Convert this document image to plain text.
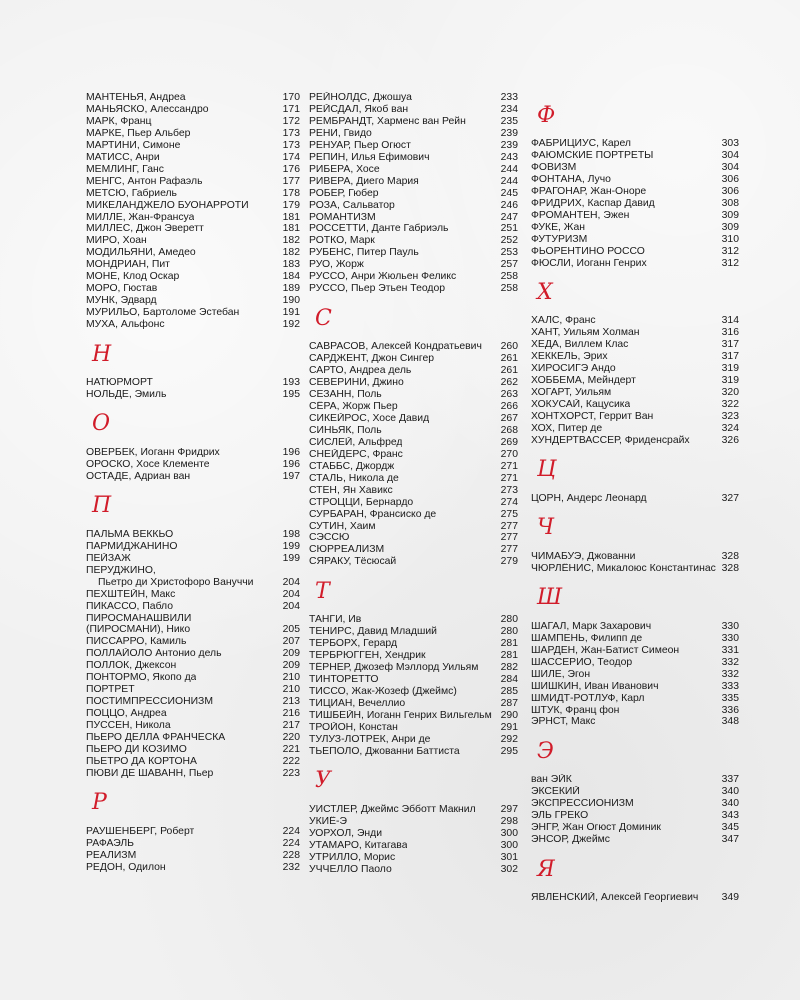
МАНТЕНЬЯ, Андреа	170
МАНЬЯСКО, Алессандро	171
МАРК, Франц	172
МАРКЕ, Пьер Альбер	173
МАРТИНИ, Симоне	173
МАТИСС, Анри	174
МЕМЛИНГ, Ганс	176
МЕНГС, Антон Рафаэль	177
МЕТСЮ, Габриель	178
МИКЕЛАНДЖЕЛО БУОНАРРОТИ	179
МИЛЛЕ, Жан-Франсуа	181
МИЛЛЕС, Джон Эверетт	181
МИРО, Хоан	182
МОДИЛЬЯНИ, Амедео	182
МОНДРИАН, Пит	183
МОНЕ, Клод Оскар	184
МОРО, Гюстав	189
МУНК, Эдвард	190
МУРИЛЬО, Бартоломе Эстебан	191
МУХА, Альфонс	192
Н
НАТЮРМОРТ	193
НОЛЬДЕ, Эмиль	195
О
ОВЕРБЕК, Иоганн Фридрих	196
ОРОСКО, Хосе Клементе	196
ОСТАДЕ, Адриан ван	197
П
ПАЛЬМА ВЕККЬО	198
ПАРМИДЖАНИНО	199
ПЕЙЗАЖ	199
ПЕРУДЖИНО,
Пьетро ди Христофоро Вануччи	204
ПЕХШТЕЙН, Макс	204
ПИКАССО, Пабло	204
ПИРОСМАНАШВИЛИ
(ПИРОСМАНИ), Нико	205
ПИССАРРО, Камиль	207
ПОЛЛАЙОЛО Антонио дель	209
ПОЛЛОК, Джексон	209
ПОНТОРМО, Якопо да	210
ПОРТРЕТ	210
ПОСТИМПРЕССИОНИЗМ	213
ПОЦЦО, Андреа	216
ПУССЕН, Никола	217
ПЬЕРО ДЕЛЛА ФРАНЧЕСКА	220
ПЬЕРО ДИ КОЗИМО	221
ПЬЕТРО ДА КОРТОНА	222
ПЮВИ ДЕ ШАВАНН, Пьер	223
Р
РАУШЕНБЕРГ, Роберт	224
РАФАЭЛЬ	224
РЕАЛИЗМ	228
РЕДОН, Одилон	232
РЕЙНОЛДС, Джошуа	233
РЕЙСДАЛ, Якоб ван	234
РЕМБРАНДТ, Харменс ван Рейн	235
РЕНИ, Гвидо	239
РЕНУАР, Пьер Огюст	239
РЕПИН, Илья Ефимович	243
РИБЕРА, Хосе	244
РИВЕРА, Диего Мария	244
РОБЕР, Гюбер	245
РОЗА, Сальватор	246
РОМАНТИЗМ	247
РОССЕТТИ, Данте Габриэль	251
РОТКО, Марк	252
РУБЕНС, Питер Пауль	253
РУО, Жорж	257
РУССО, Анри Жюльен Феликс	258
РУССО, Пьер Этьен Теодор	258
С
САВРАСОВ, Алексей Кондратьевич	260
САРДЖЕНТ, Джон Сингер	261
САРТО, Андреа дель	261
СЕВЕРИНИ, Джино	262
СЕЗАНН, Поль	263
СЁРА, Жорж Пьер	266
СИКЕЙРОС, Хосе Давид	267
СИНЬЯК, Поль	268
СИСЛЕЙ, Альфред	269
СНЕЙДЕРС, Франс	270
СТАББС, Джордж	271
СТАЛЬ, Никола де	271
СТЕН, Ян Хавикс	273
СТРОЦЦИ, Бернардо	274
СУРБАРАН, Франсиско де	275
СУТИН, Хаим	277
СЭССЮ	277
СЮРРЕАЛИЗМ	277
СЯРАКУ, Тёсюсай	279
Т
ТАНГИ, Ив	280
ТЕНИРС, Давид Младший	280
ТЕРБОРХ, Герард	281
ТЕРБРЮГГЕН, Хендрик	281
ТЁРНЕР, Джозеф Мэллорд Уильям	282
ТИНТОРЕТТО	284
ТИССО, Жак-Жозеф (Джеймс)	285
ТИЦИАН, Вечеллио	287
ТИШБЕЙН, Иоганн Генрих Вильгельм 290
ТРОЙОН, Констан	291
ТУЛУЗ-ЛОТРЕК, Анри де	292
ТЬЕПОЛО, Джованни Баттиста	295
У
УИСТЛЕР, Джеймс Эбботт Макнил	297
УКИЁ-Э	298
УОРХОЛ, Энди	300
УТАМАРО, Китагава	300
УТРИЛЛО, Морис	301
УЧЧЕЛЛО Паоло	302
Ф
ФАБРИЦИУС, Карел	303
ФАЮМСКИЕ ПОРТРЕТЫ	304
ФОВИЗМ	304
ФОНТАНА, Лучо	306
ФРАГОНАР, Жан-Оноре	306
ФРИДРИХ, Каспар Давид	308
ФРОМАНТЕН, Эжен	309
ФУКЕ, Жан	309
ФУТУРИЗМ	310
ФЬОРЕНТИНО РОССО	312
ФЮСЛИ, Иоганн Генрих	312
Х
ХАЛС, Франс	314
ХАНТ, Уильям Холман	316
ХЕДА, Виллем Клас	317
ХЕККЕЛЬ, Эрих	317
ХИРОСИГЭ Андо	319
ХОББЕМА, Мейндерт	319
ХОГАРТ, Уильям	320
ХОКУСАЙ, Кацусика	322
ХОНТХОРСТ, Геррит Ван	323
ХОХ, Питер де	324
ХУНДЕРТВАССЕР, Фриденсрайх	326
Ц
ЦОРН, Андерс Леонард	327
Ч
ЧИМАБУЭ, Джованни	328
ЧЮРЛЁНИС, Микалоюс Константинас 328
Ш
ШАГАЛ, Марк Захарович	330
ШАМПЕНЬ, Филипп де	330
ШАРДЕН, Жан-Батист Симеон	331
ШАССЕРИО, Теодор	332
ШИЛЕ, Эгон	332
ШИШКИН, Иван Иванович	333
ШМИДТ-РОТЛУФ, Карл	335
ШТУК, Франц фон	336
ЭРНСТ, Макс	348
Э
ван ЭЙК	337
ЭКСЕКИЙ	340
ЭКСПРЕССИОНИЗМ	340
ЭЛЬ ГРЕКО	343
ЭНГР, Жан Огюст Доминик	345
ЭНСОР, Джеймс	347
Я
ЯВЛЕНСКИЙ, Алексей Георгиевич	349
